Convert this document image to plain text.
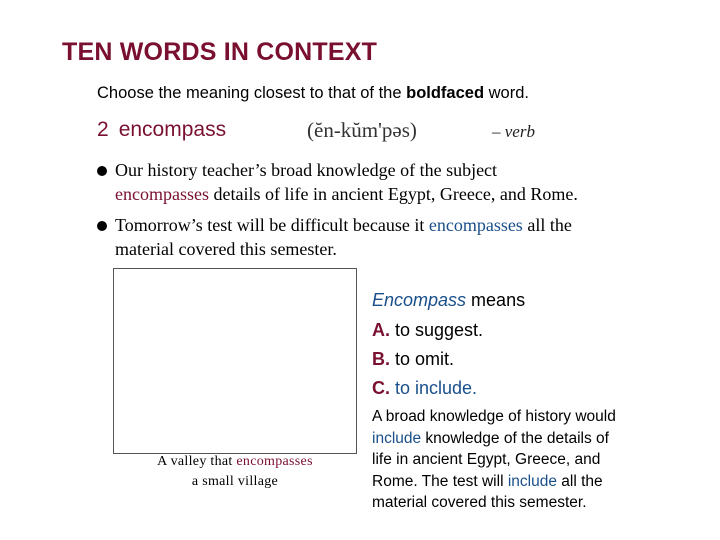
TEN WORDS IN CONTEXT
Choose the meaning closest to that of the boldfaced word.
2 encompass	(ĕn-kŭm'pəs)	– verb
Our history teacher’s broad knowledge of the subject
encompasses details of life in ancient Egypt, Greece, and Rome.
Tomorrow’s test will be difficult because it encompasses all the
material covered this semester.
A valley that encompasses
a small village
Encompass means
A. to suggest.
B. to omit.
C. to include.
A broad knowledge of history would
include knowledge of the details of
life in ancient Egypt, Greece, and
Rome. The test will include all the
material covered this semester.
